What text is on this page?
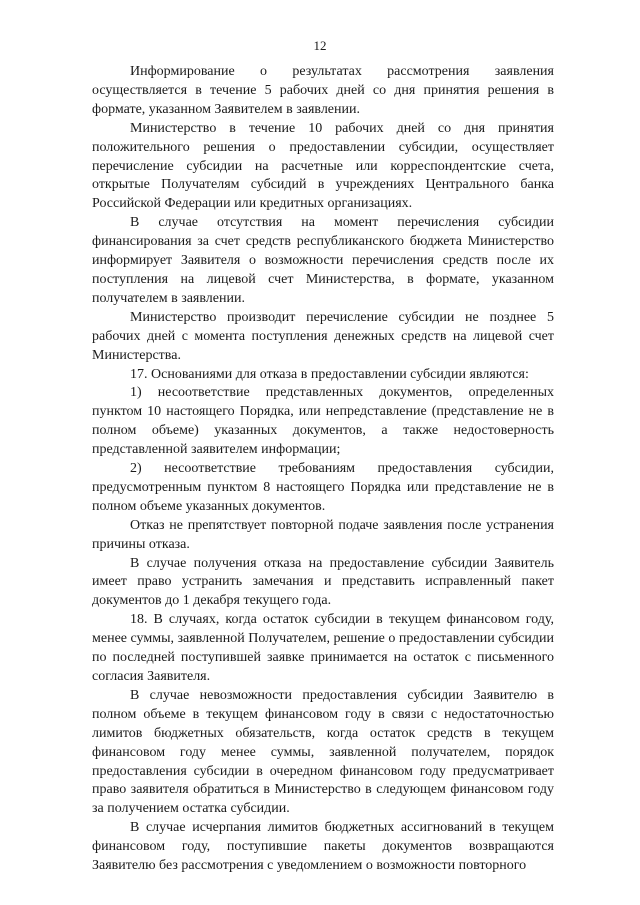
12

Информирование о результатах рассмотрения заявления осуществляется в течение 5 рабочих дней со дня принятия решения в формате, указанном Заявителем в заявлении.

Министерство в течение 10 рабочих дней со дня принятия положительного решения о предоставлении субсидии, осуществляет перечисление субсидии на расчетные или корреспондентские счета, открытые Получателям субсидий в учреждениях Центрального банка Российской Федерации или кредитных организациях.

В случае отсутствия на момент перечисления субсидии финансирования за счет средств республиканского бюджета Министерство информирует Заявителя о возможности перечисления средств после их поступления на лицевой счет Министерства, в формате, указанном получателем в заявлении.

Министерство производит перечисление субсидии не позднее 5 рабочих дней с момента поступления денежных средств на лицевой счет Министерства.

17. Основаниями для отказа в предоставлении субсидии являются:

1) несоответствие представленных документов, определенных пунктом 10 настоящего Порядка, или непредставление (представление не в полном объеме) указанных документов, а также недостоверность представленной заявителем информации;

2) несоответствие требованиям предоставления субсидии, предусмотренным пунктом 8 настоящего Порядка или представление не в полном объеме указанных документов.

Отказ не препятствует повторной подаче заявления после устранения причины отказа.

В случае получения отказа на предоставление субсидии Заявитель имеет право устранить замечания и представить исправленный пакет документов до 1 декабря текущего года.

18. В случаях, когда остаток субсидии в текущем финансовом году, менее суммы, заявленной Получателем, решение о предоставлении субсидии по последней поступившей заявке принимается на остаток с письменного согласия Заявителя.

В случае невозможности предоставления субсидии Заявителю в полном объеме в текущем финансовом году в связи с недостаточностью лимитов бюджетных обязательств, когда остаток средств в текущем финансовом году менее суммы, заявленной получателем, порядок предоставления субсидии в очередном финансовом году предусматривает право заявителя обратиться в Министерство в следующем финансовом году за получением остатка субсидии.

В случае исчерпания лимитов бюджетных ассигнований в текущем финансовом году, поступившие пакеты документов возвращаются Заявителю без рассмотрения с уведомлением о возможности повторного
